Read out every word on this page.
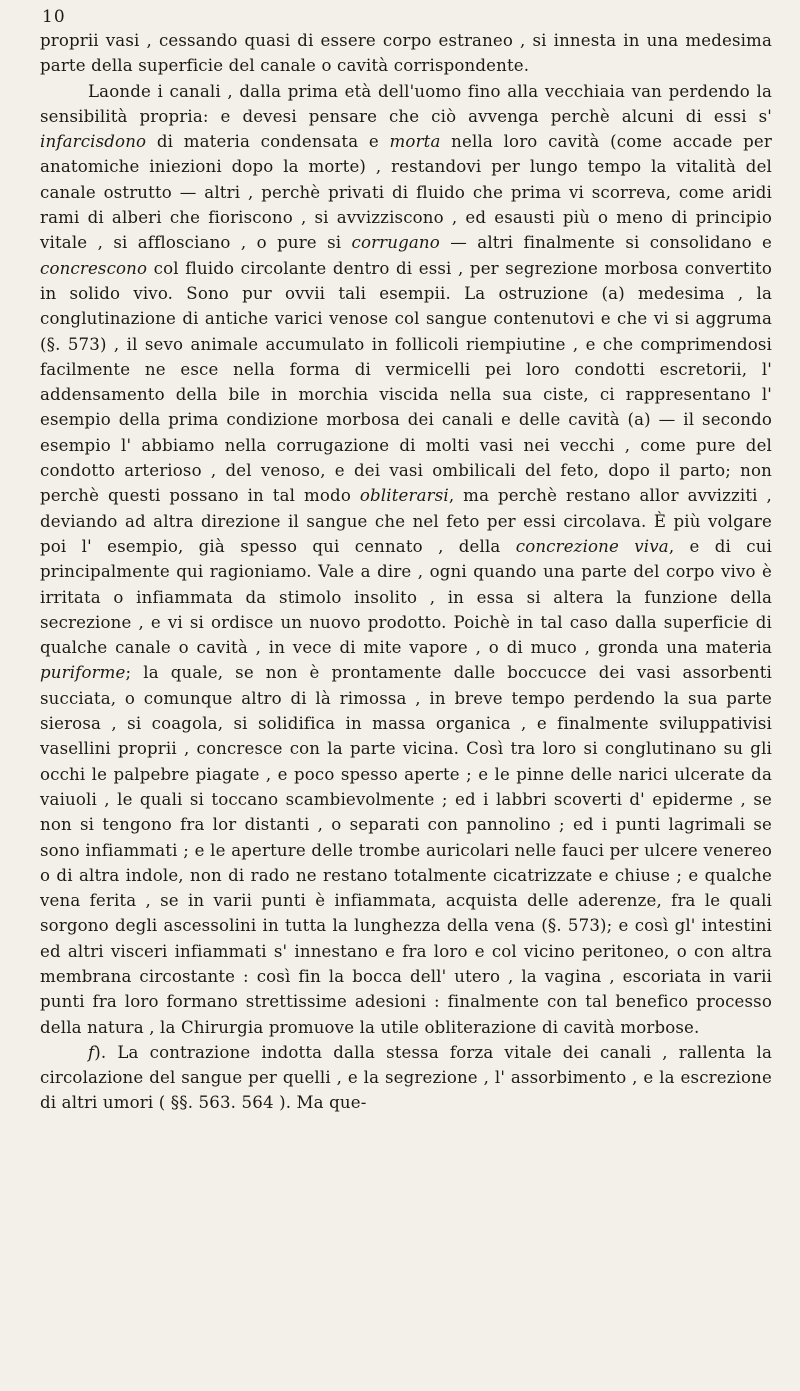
10

proprii vasi , cessando quasi di essere corpo estraneo , si innesta in una medesima parte della superficie del canale o cavità corrispondente.

Laonde i canali , dalla prima età dell'uomo fino alla vecchiaia van perdendo la sensibilità propria: e devesi pensare che ciò avvenga perchè alcuni di essi s' infarcisdono di materia condensata e morta nella loro cavità (come accade per anatomiche iniezioni dopo la morte) , restandovi per lungo tempo la vitalità del canale ostrutto — altri , perchè privati di fluido che prima vi scorreva, come aridi rami di alberi che fioriscono , si avvizziscono , ed esausti più o meno di principio vitale , si afflosciano , o pure si corrugano — altri finalmente si consolidano e concrescono col fluido circolante dentro di essi , per segrezione morbosa convertito in solido vivo. Sono pur ovvii tali esempii. La ostruzione (a) medesima , la conglutinazione di antiche varici venose col sangue contenutovi e che vi si aggruma (§. 573) , il sevo animale accumulato in follicoli riempiutine , e che comprimendosi facilmente ne esce nella forma di vermicelli pei loro condotti escretorii, l' addensamento della bile in morchia viscida nella sua ciste, ci rappresentano l' esempio della prima condizione morbosa dei canali e delle cavità (a) — il secondo esempio l' abbiamo nella corrugazione di molti vasi nei vecchi , come pure del condotto arterioso , del venoso, e dei vasi ombilicali del feto, dopo il parto; non perchè questi possano in tal modo obliterarsi, ma perchè restano allor avvizziti , deviando ad altra direzione il sangue che nel feto per essi circolava. È più volgare poi l' esempio, già spesso qui cennato , della concrezione viva, e di cui principalmente qui ragioniamo. Vale a dire , ogni quando una parte del corpo vivo è irritata o infiammata da stimolo insolito , in essa si altera la funzione della secrezione , e vi si ordisce un nuovo prodotto. Poichè in tal caso dalla superficie di qualche canale o cavità , in vece di mite vapore , o di muco , gronda una materia puriforme; la quale, se non è prontamente dalle boccucce dei vasi assorbenti succiata, o comunque altro di là rimossa , in breve tempo perdendo la sua parte sierosa , si coagola, si solidifica in massa organica , e finalmente sviluppativisi vasellini proprii , concresce con la parte vicina. Così tra loro si conglutinano su gli occhi le palpebre piagate , e poco spesso aperte ; e le pinne delle narici ulcerate da vaiuoli , le quali si toccano scambievolmente ; ed i labbri scoverti d' epiderme , se non si tengono fra lor distanti , o separati con pannolino ; ed i punti lagrimali se sono infiammati ; e le aperture delle trombe auricolari nelle fauci per ulcere venereo o di altra indole, non di rado ne restano totalmente cicatrizzate e chiuse ; e qualche vena ferita , se in varii punti è infiammata, acquista delle aderenze, fra le quali sorgono degli ascessolini in tutta la lunghezza della vena (§. 573); e così gl' intestini ed altri visceri infiammati s' innestano e fra loro e col vicino peritoneo, o con altra membrana circostante : così fin la bocca dell' utero , la vagina , escoriata in varii punti fra loro formano strettissime adesioni : finalmente con tal benefico processo della natura , la Chirurgia promuove la utile obliterazione di cavità morbose.

f). La contrazione indotta dalla stessa forza vitale dei canali , rallenta la circolazione del sangue per quelli , e la segrezione , l' assorbimento , e la escrezione di altri umori ( §§. 563. 564 ). Ma que-
